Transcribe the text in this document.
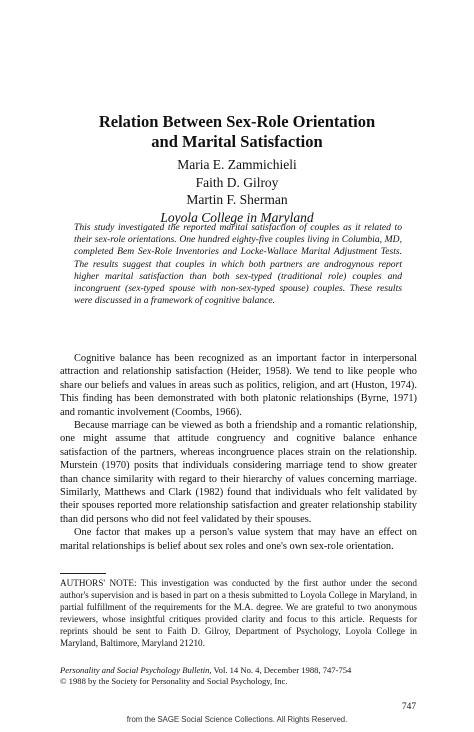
Relation Between Sex-Role Orientation
and Marital Satisfaction
Maria E. Zammichieli
Faith D. Gilroy
Martin F. Sherman
Loyola College in Maryland
This study investigated the reported marital satisfaction of couples as it related to their sex-role orientations. One hundred eighty-five couples living in Columbia, MD, completed Bem Sex-Role Inventories and Locke-Wallace Marital Adjustment Tests. The results suggest that couples in which both partners are androgynous report higher marital satisfaction than both sex-typed (traditional role) couples and incongruent (sex-typed spouse with non-sex-typed spouse) couples. These results were discussed in a framework of cognitive balance.

Cognitive balance has been recognized as an important factor in interpersonal attraction and relationship satisfaction (Heider, 1958). We tend to like people who share our beliefs and values in areas such as politics, religion, and art (Huston, 1974). This finding has been demonstrated with both platonic relationships (Byrne, 1971) and romantic involvement (Coombs, 1966).

Because marriage can be viewed as both a friendship and a romantic relationship, one might assume that attitude congruency and cognitive balance enhance satisfaction of the partners, whereas incongruence places strain on the relationship. Murstein (1970) posits that individuals considering marriage tend to show greater than chance similarity with regard to their hierarchy of values concerning marriage. Similarly, Matthews and Clark (1982) found that individuals who felt validated by their spouses reported more relationship satisfaction and greater relationship stability than did persons who did not feel validated by their spouses.

One factor that makes up a person's value system that may have an effect on marital relationships is belief about sex roles and one's own sex-role orientation.

AUTHORS' NOTE: This investigation was conducted by the first author under the second author's supervision and is based in part on a thesis submitted to Loyola College in Maryland, in partial fulfillment of the requirements for the M.A. degree. We are grateful to two anonymous reviewers, whose insightful critiques provided clarity and focus to this article. Requests for reprints should be sent to Faith D. Gilroy, Department of Psychology, Loyola College in Maryland, Baltimore, Maryland 21210.

Personality and Social Psychology Bulletin, Vol. 14 No. 4, December 1988, 747-754
© 1988 by the Society for Personality and Social Psychology, Inc.
747
from the SAGE Social Science Collections. All Rights Reserved.
